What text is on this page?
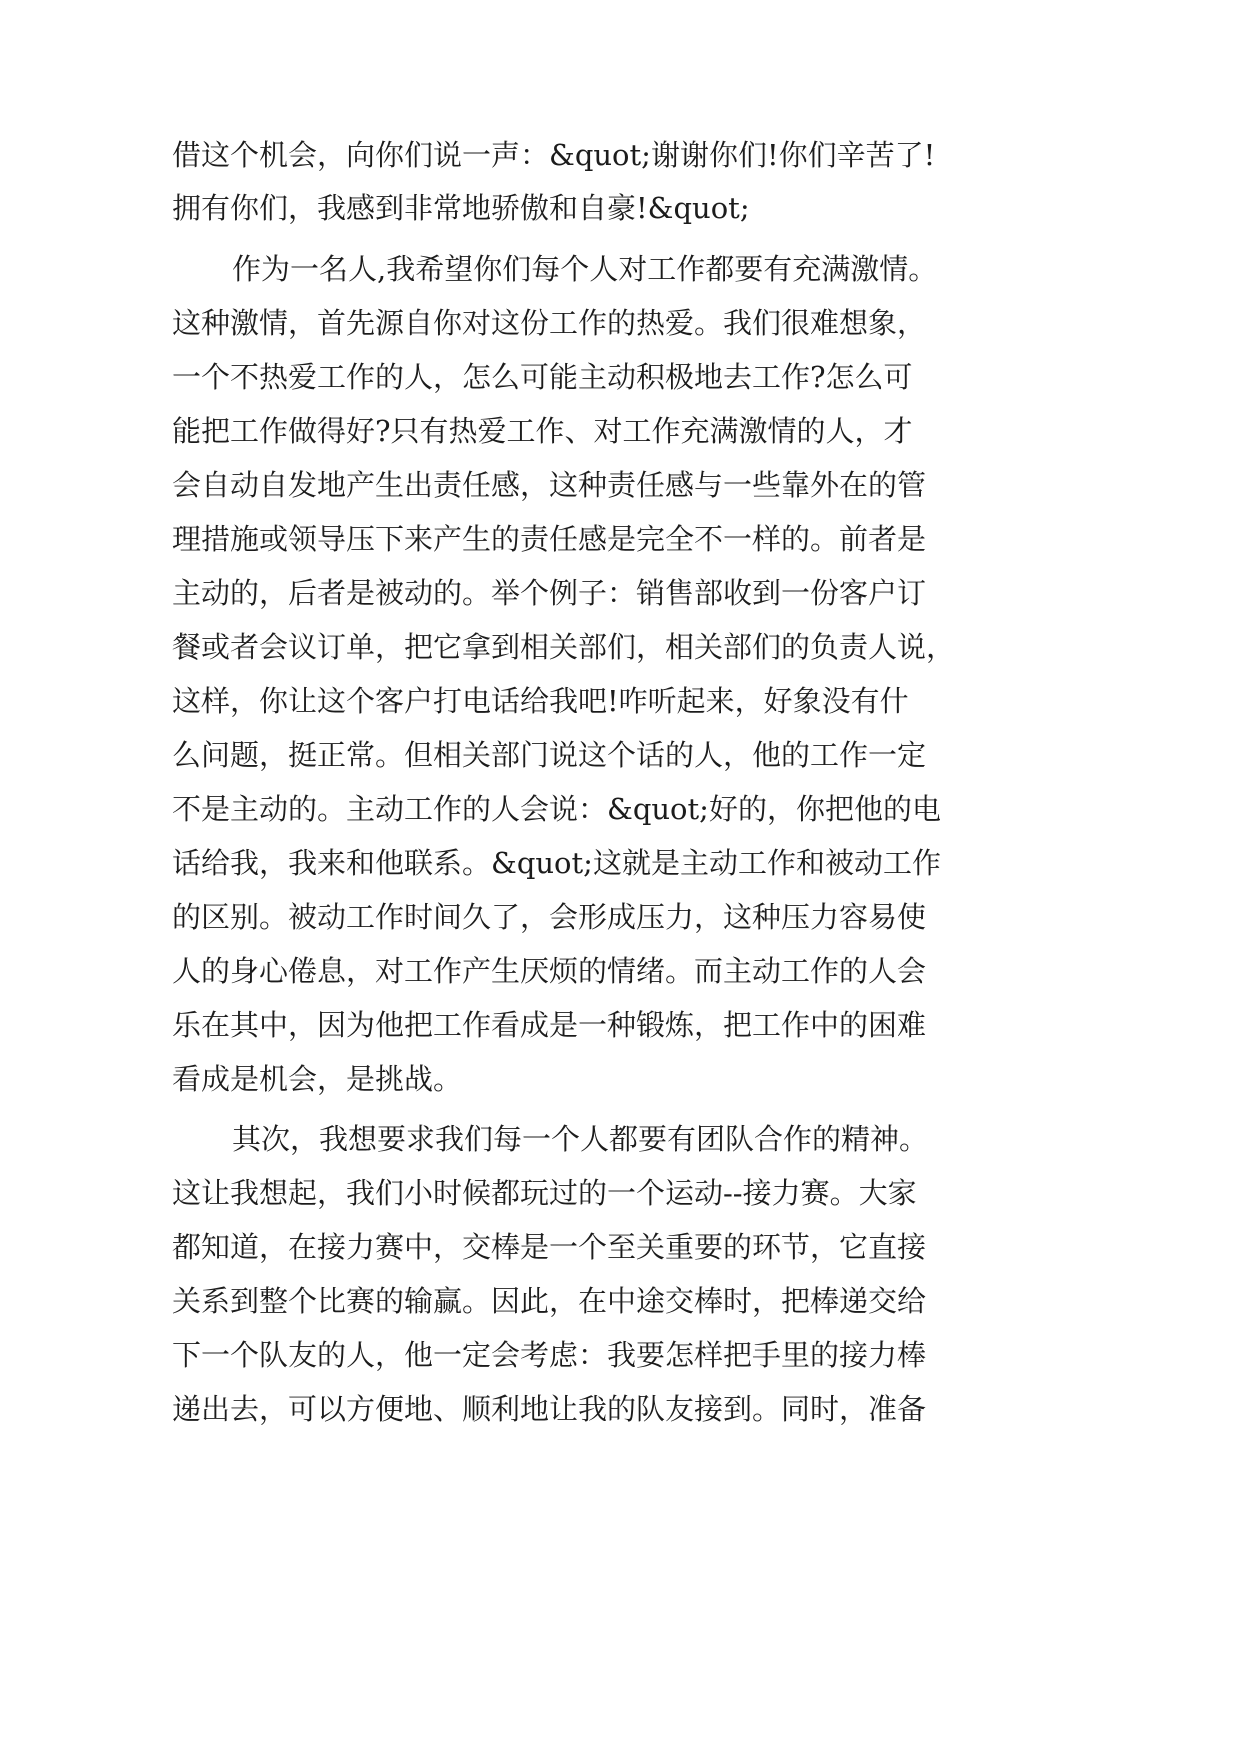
借这个机会，向你们说一声：&quot;谢谢你们!你们辛苦了!
拥有你们，我感到非常地骄傲和自豪!&quot;
作为一名人,我希望你们每个人对工作都要有充满激情。
这种激情，首先源自你对这份工作的热爱。我们很难想象，
一个不热爱工作的人，怎么可能主动积极地去工作?怎么可
能把工作做得好?只有热爱工作、对工作充满激情的人，才
会自动自发地产生出责任感，这种责任感与一些靠外在的管
理措施或领导压下来产生的责任感是完全不一样的。前者是
主动的，后者是被动的。举个例子：销售部收到一份客户订
餐或者会议订单，把它拿到相关部们，相关部们的负责人说，
这样，你让这个客户打电话给我吧!咋听起来，好象没有什
么问题，挺正常。但相关部门说这个话的人，他的工作一定
不是主动的。主动工作的人会说：&quot;好的，你把他的电
话给我，我来和他联系。&quot;这就是主动工作和被动工作
的区别。被动工作时间久了，会形成压力，这种压力容易使
人的身心倦息，对工作产生厌烦的情绪。而主动工作的人会
乐在其中，因为他把工作看成是一种锻炼，把工作中的困难
看成是机会，是挑战。
其次，我想要求我们每一个人都要有团队合作的精神。
这让我想起，我们小时候都玩过的一个运动--接力赛。大家
都知道，在接力赛中，交棒是一个至关重要的环节，它直接
关系到整个比赛的输赢。因此，在中途交棒时，把棒递交给
下一个队友的人，他一定会考虑：我要怎样把手里的接力棒
递出去，可以方便地、顺利地让我的队友接到。同时，准备
